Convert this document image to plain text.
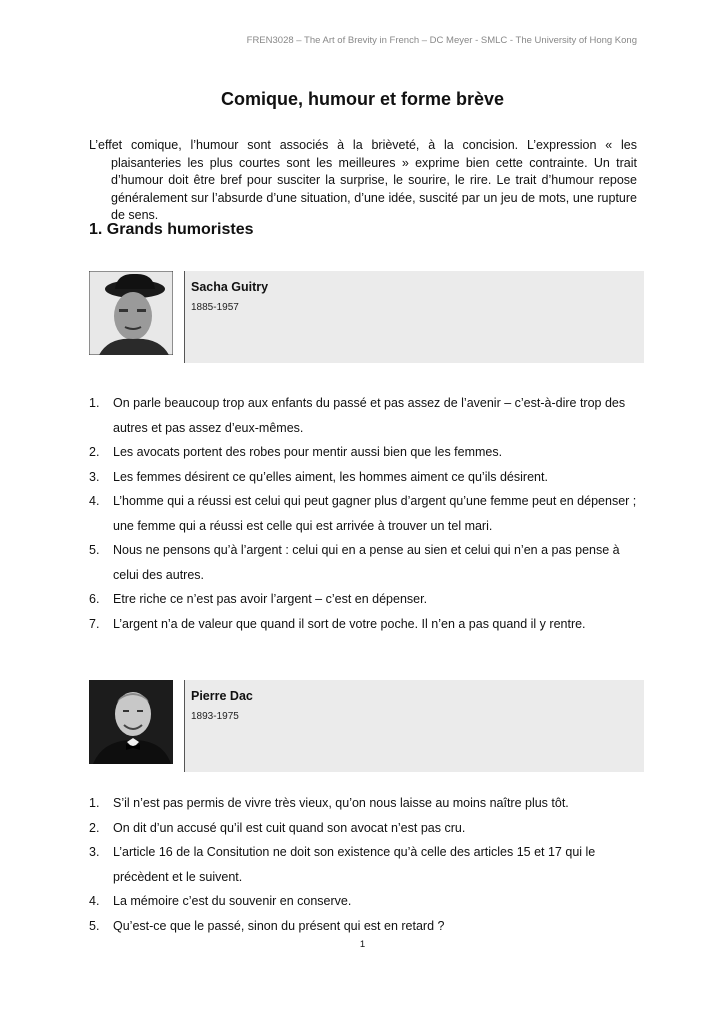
FREN3028 – The Art of Brevity in French – DC Meyer - SMLC - The University of Hong Kong
Comique, humour et forme brève

L’effet comique, l’humour sont associés à la brièveté, à la concision. L’expression « les plaisanteries les plus courtes sont les meilleures » exprime bien cette contrainte. Un trait d’humour doit être bref pour susciter la surprise, le sourire, le rire. Le trait d’humour repose généralement sur l’absurde d’une situation, d’une idée, suscité par un jeu de mots, une rupture de sens.

1. Grands humoristes
Sacha Guitry
1885-1957
1. On parle beaucoup trop aux enfants du passé et pas assez de l’avenir – c’est-à-dire trop des autres et pas assez d’eux-mêmes.
2. Les avocats portent des robes pour mentir aussi bien que les femmes.
3. Les femmes désirent ce qu’elles aiment, les hommes aiment ce qu’ils désirent.
4. L’homme qui a réussi est celui qui peut gagner plus d’argent qu’une femme peut en dépenser ; une femme qui a réussi est celle qui est arrivée à trouver un tel mari.
5. Nous ne pensons qu’à l’argent : celui qui en a pense au sien et celui qui n’en a pas pense à celui des autres.
6. Etre riche ce n’est pas avoir l’argent – c’est en dépenser.
7. L’argent n’a de valeur que quand il sort de votre poche. Il n’en a pas quand il y rentre.
Pierre Dac
1893-1975
1. S’il n’est pas permis de vivre très vieux, qu’on nous laisse au moins naître plus tôt.
2. On dit d’un accusé qu’il est cuit quand son avocat n’est pas cru.
3. L’article 16 de la Consitution ne doit son existence qu’à celle des articles 15 et 17 qui le précèdent et le suivent.
4. La mémoire c’est du souvenir en conserve.
5. Qu’est-ce que le passé, sinon du présent qui est en retard ?
1
